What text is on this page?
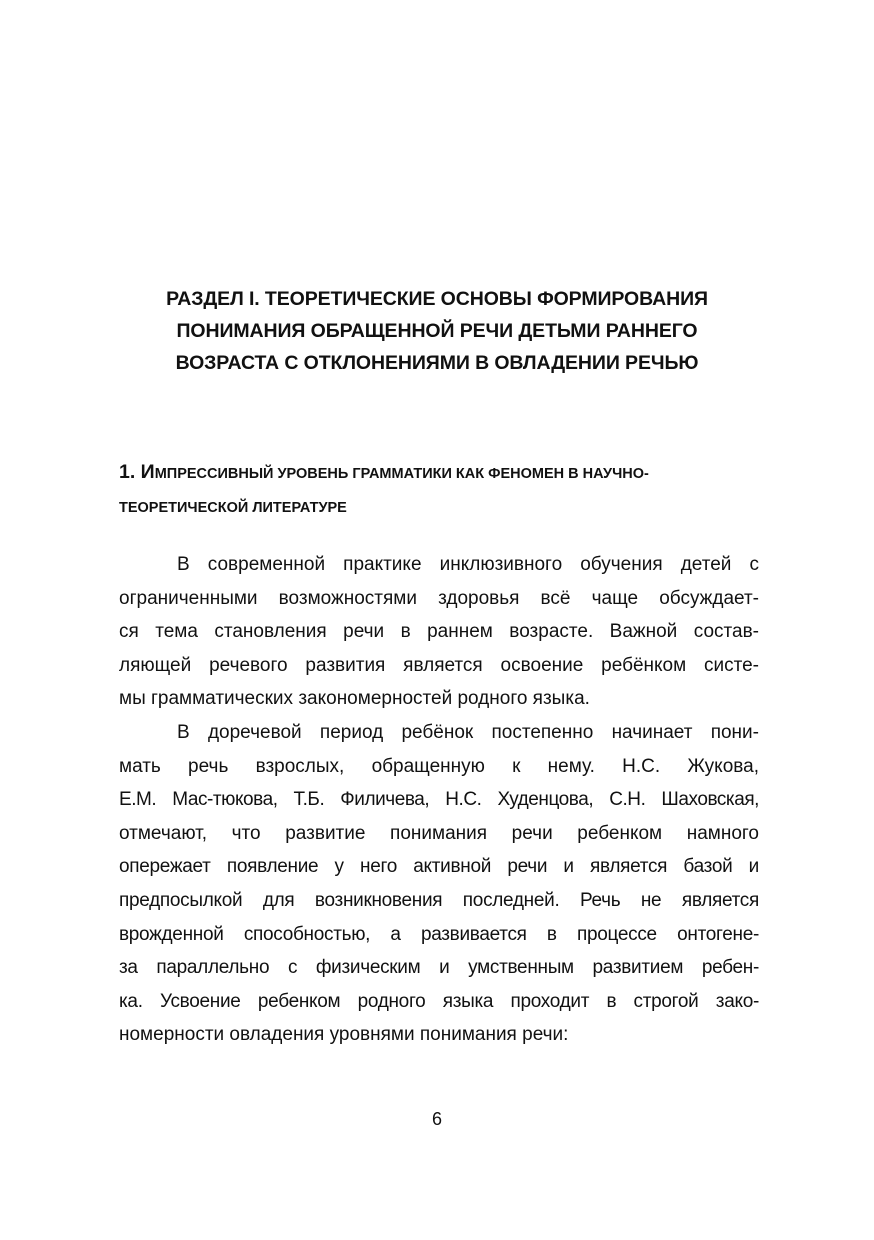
РАЗДЕЛ I. ТЕОРЕТИЧЕСКИЕ ОСНОВЫ ФОРМИРОВАНИЯ
ПОНИМАНИЯ ОБРАЩЕННОЙ РЕЧИ ДЕТЬМИ РАННЕГО
ВОЗРАСТА С ОТКЛОНЕНИЯМИ В ОВЛАДЕНИИ РЕЧЬЮ
1. ИМПРЕССИВНЫЙ УРОВЕНЬ ГРАММАТИКИ КАК ФЕНОМЕН В НАУЧНО-
ТЕОРЕТИЧЕСКОЙ ЛИТЕРАТУРЕ
В современной практике инклюзивного обучения детей с
ограниченными возможностями здоровья всё чаще обсуждает-
ся тема становления речи в раннем возрасте. Важной состав-
ляющей речевого развития является освоение ребёнком систе-
мы грамматических закономерностей родного языка.
В доречевой период ребёнок постепенно начинает пони-
мать речь взрослых, обращенную к нему. Н.С. Жукова,
Е.М. Мас-тюкова, Т.Б. Филичева, Н.С. Худенцова, С.Н. Шаховская,
отмечают, что развитие понимания речи ребенком намного
опережает появление у него активной речи и является базой и
предпосылкой для возникновения последней. Речь не является
врожденной способностью, а развивается в процессе онтогене-
за параллельно с физическим и умственным развитием ребен-
ка. Усвоение ребенком родного языка проходит в строгой зако-
номерности овладения уровнями понимания речи:
6
